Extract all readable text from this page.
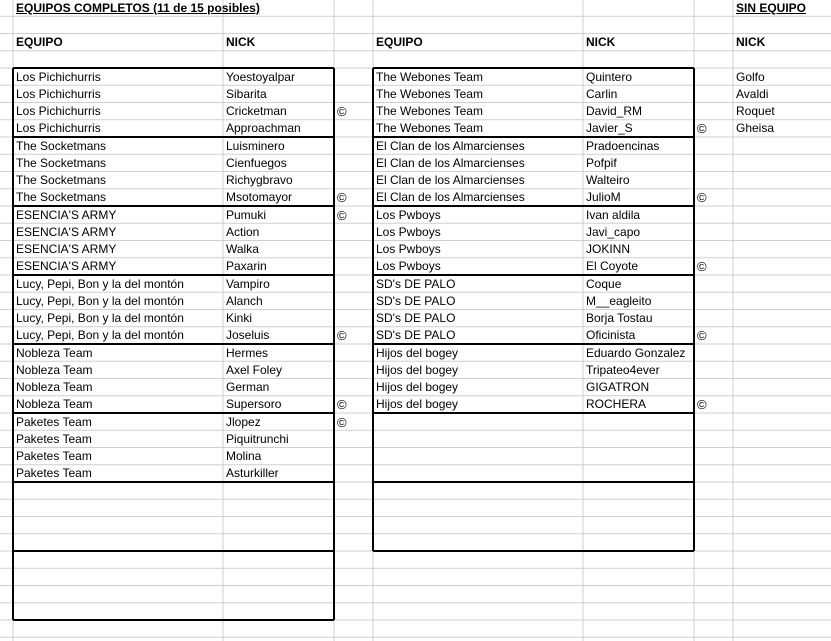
EQUIPOS COMPLETOS (11 de 15 posibles)	SIN EQUIPO
EQUIPO	NICK	EQUIPO	NICK	NICK
Los Pichichurris	Yoestoyalpar
Los Pichichurris	Sibarita
Los Pichichurris	Cricketman	©
Los Pichichurris	Approachman
The Socketmans	Luisminero
The Socketmans	Cienfuegos
The Socketmans	Richygbravo
The Socketmans	Msotomayor	©
ESENCIA'S ARMY	Pumuki	©
ESENCIA'S ARMY	Action
ESENCIA'S ARMY	Walka
ESENCIA'S ARMY	Paxarin
Lucy, Pepi, Bon y la del montón	Vampiro
Lucy, Pepi, Bon y la del montón	Alanch
Lucy, Pepi, Bon y la del montón	Kinki
Lucy, Pepi, Bon y la del montón	Joseluis	©
Nobleza Team	Hermes
Nobleza Team	Axel Foley
Nobleza Team	German
Nobleza Team	Supersoro	©
Paketes Team	Jlopez	©
Paketes Team	Piquitrunchi
Paketes Team	Molina
Paketes Team	Asturkiller
The Webones Team	Quintero
The Webones Team	Carlin
The Webones Team	David_RM
The Webones Team	Javier_S	©
El Clan de los Almarcienses	Pradoencinas
El Clan de los Almarcienses	Pofpif
El Clan de los Almarcienses	Walteiro
El Clan de los Almarcienses	JulioM	©
Los Pwboys	Ivan aldila
Los Pwboys	Javi_capo
Los Pwboys	JOKINN
Los Pwboys	El Coyote	©
SD's DE PALO	Coque
SD's DE PALO	M__eagleito
SD's DE PALO	Borja Tostau
SD's DE PALO	Oficinista	©
Hijos del bogey	Eduardo Gonzalez
Hijos del bogey	Tripateo4ever
Hijos del bogey	GIGATRON
Hijos del bogey	ROCHERA	©
Golfo
Avaldi
Roquet
Gheisa
